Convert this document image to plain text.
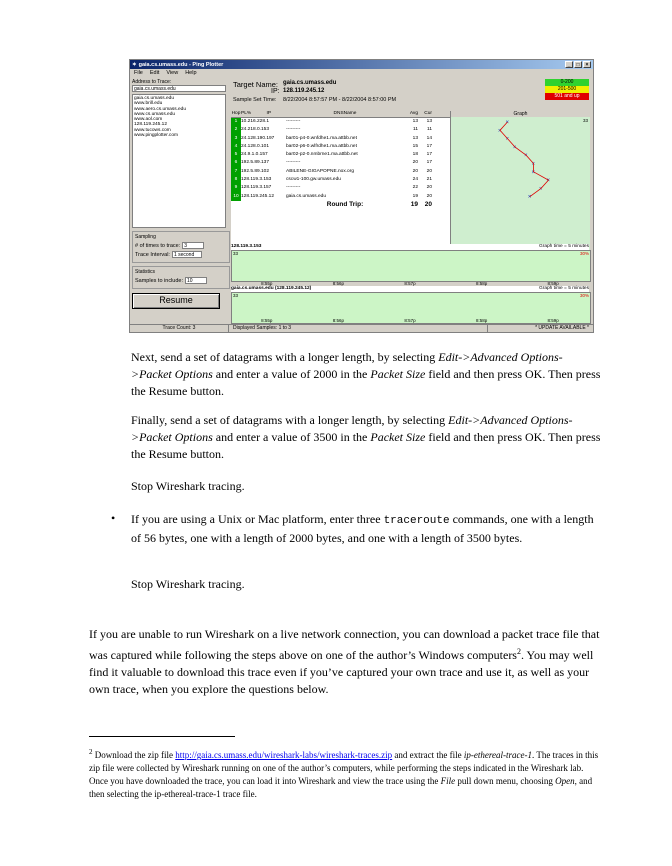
✶ gaia.cs.umass.edu - Ping Plotter	_	□	×
File Edit View Help
Address to Trace:
gaia.cs.umass.edu
gaia.cs.umass.edu
www.brill.edu
www.aero.cs.umass.edu
www.cs.umass.edu
www.aol.com
128.119.245.12
www.tucows.com
www.pingplotter.com
Sampling
# of times to trace: 3
Trace Interval: 1 second
Statistics
Samples to include: 10
Resume
Target Name: gaia.cs.umass.edu
IP: 128.119.245.12
Sample Set Time: 8/22/2004 8:57:57 PM - 8/22/2004 8:57:00 PM
0-200
201-500
501 and up
Hop PL%	IP	DNSName	Avg	Cur
1 10.216.228.1	---------	13	13
2 24.218.0.153	---------	11	11
3 24.128.190.197	bar01-p4-0.wnfdhe1.ma.attbb.net	13	14
4 24.128.0.101	bar02-p6-0.wlfrdhe1.ma.attbb.net	15	17
5 24.9.1.0.157	bar02-p2-0.nmbrne1.ma.attbb.net	18	17
6 192.5.89.137	---------	20	17
7 192.5.89.102	ABILENE-GIGAPOPNE.nox.org	20	20
8 128.119.3.153	cscw1-100.gw.umass.edu	24	21
9 128.119.3.157	---------	22	20
10 128.119.245.12	gaia.cs.umass.edu	19	20
Round Trip:	19	20
Graph
33
×
×
×
×
×
×
×
×
×
×
Graph time = 5 minutes
128.119.3.153
33	30%
8:55p	8:56p	8:57p	8:58p	8:59p
Graph time = 5 minutes
gaia.cs.umass.edu (128.119.245.12)
33	30%
8:55p	8:56p	8:57p	8:58p	8:59p
Trace Count: 3	Displayed Samples: 1 to 3	* UPDATE AVAILABLE *

Next, send a set of datagrams with a longer length, by selecting Edit->Advanced Options->Packet Options and enter a value of 2000 in the Packet Size field and then press OK. Then press the Resume button.

Finally, send a set of datagrams with a longer length, by selecting Edit->Advanced Options->Packet Options and enter a value of 3500 in the Packet Size field and then press OK. Then press the Resume button.

Stop Wireshark tracing.

• If you are using a Unix or Mac platform, enter three traceroute commands, one with a length of 56 bytes, one with a length of 2000 bytes, and one with a length of 3500 bytes.

Stop Wireshark tracing.

If you are unable to run Wireshark on a live network connection, you can download a packet trace file that was captured while following the steps above on one of the author’s Windows computers$^2$. You may well find it valuable to download this trace even if you’ve captured your own trace and use it, as well as your own trace, when you explore the questions below.

$^2$ Download the zip file http://gaia.cs.umass.edu/wireshark-labs/wireshark-traces.zip and extract the file ip-ethereal-trace-1. The traces in this zip file were collected by Wireshark running on one of the author’s computers, while performing the steps indicated in the Wireshark lab. Once you have downloaded the trace, you can load it into Wireshark and view the trace using the File pull down menu, choosing Open, and then selecting the ip-ethereal-trace-1 trace file.
